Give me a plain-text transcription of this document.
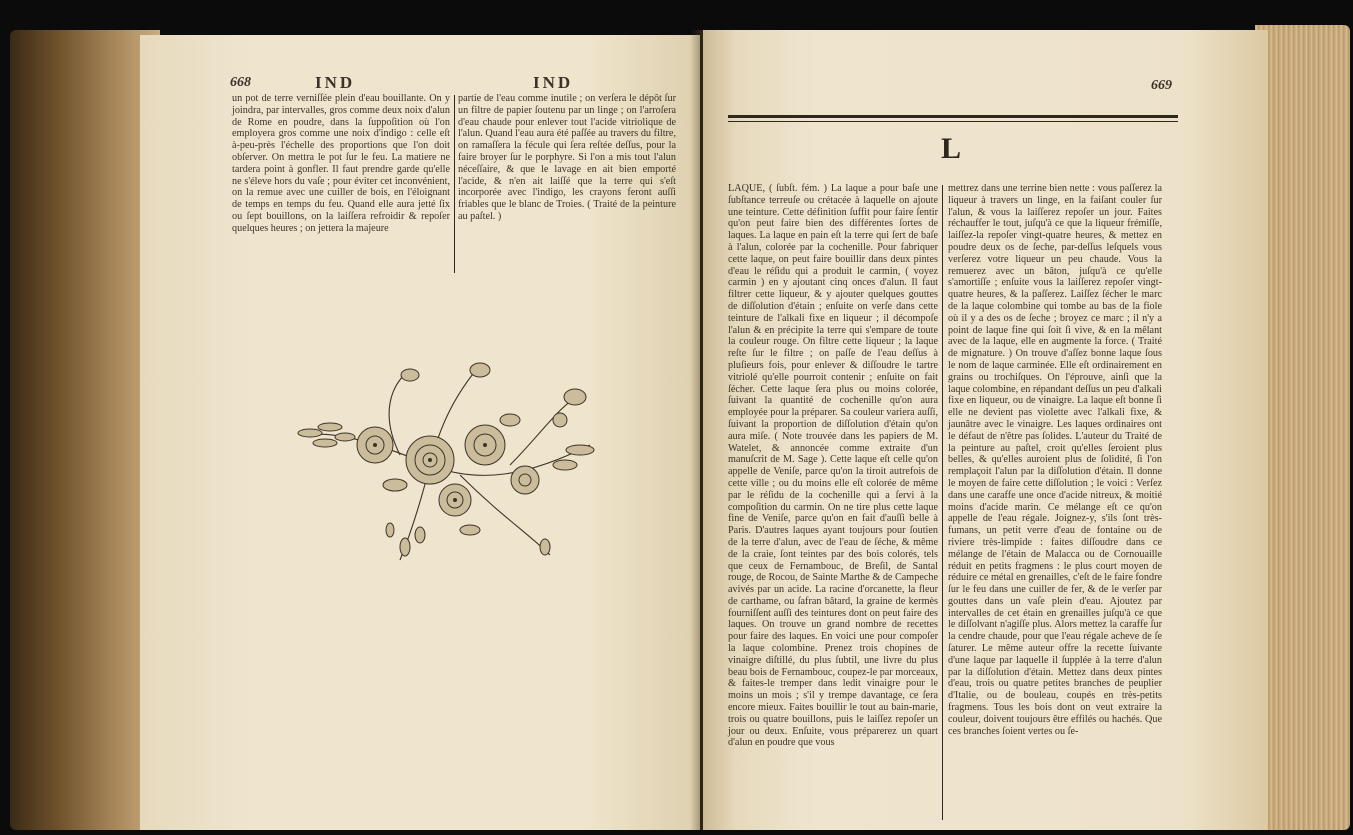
668	IND	IND
un pot de terre verniſſée plein d'eau bouillante. On y joindra, par intervalles, gros comme deux noix d'alun de Rome en poudre, dans la ſuppoſition où l'on employera gros comme une noix d'indigo : celle eſt à-peu-près l'échelle des proportions que l'on doit obſerver. On mettra le pot ſur le feu. La matiere ne tardera point à gonfler. Il faut prendre garde qu'elle ne s'éleve hors du vaſe ; pour éviter cet inconvénient, on la remue avec une cuiller de bois, en l'éloignant de temps en temps du feu. Quand elle aura jetté ſix ou ſept bouillons, on la laiſſera refroidir & repoſer quelques heures ; on jettera la majeure
partie de l'eau comme inutile ; on verſera le dépôt ſur un filtre de papier ſoutenu par un linge ; on l'arroſera d'eau chaude pour enlever tout l'acide vitriolique de l'alun. Quand l'eau aura été paſſée au travers du filtre, on ramaſſera la fécule qui ſera reſtée deſſus, pour la faire broyer ſur le porphyre. Si l'on a mis tout l'alun néceſſaire, & que le lavage en ait bien emporté l'acide, & n'en ait laiſſé que la terre qui s'eſt incorporée avec l'indigo, les crayons feront auſſi friables que le blanc de Troies. ( Traité de la peinture au paſtel. )
669
L
LAQUE, ( ſubſt. fém. ) La laque a pour baſe une ſubſtance terreuſe ou crétacée à laquelle on ajoute une teinture. Cette définition ſuffit pour faire ſentir qu'on peut faire bien des différentes ſortes de laques. La laque en pain eſt la terre qui ſert de baſe à l'alun, colorée par la cochenille. Pour fabriquer cette laque, on peut faire bouillir dans deux pintes d'eau le réſidu qui a produit le carmin, ( voyez carmin ) en y ajoutant cinq onces d'alun. Il faut filtrer cette liqueur, & y ajouter quelques gouttes de diſſolution d'étain ; enſuite on verſe dans cette teinture de l'alkali fixe en liqueur ; il décompoſe l'alun & en précipite la terre qui s'empare de toute la couleur rouge. On filtre cette liqueur ; la laque reſte ſur le filtre ; on paſſe de l'eau deſſus à pluſieurs fois, pour enlever & diſſoudre le tartre vitriolé qu'elle pourroit contenir ; enſuite on fait ſécher. Cette laque ſera plus ou moins colorée, ſuivant la quantité de cochenille qu'on aura employée pour la préparer. Sa couleur variera auſſi, ſuivant la proportion de diſſolution d'étain qu'on aura miſe. ( Note trouvée dans les papiers de M. Watelet, & annoncée comme extraite d'un manuſcrit de M. Sage ). Cette laque eſt celle qu'on appelle de Veniſe, parce qu'on la tiroit autrefois de cette ville ; ou du moins elle eſt colorée de même par le réſidu de la cochenille qui a ſervi à la compoſition du carmin. On ne tire plus cette laque fine de Veniſe, parce qu'on en fait d'auſſi belle à Paris. D'autres laques ayant toujours pour ſoutien de la terre d'alun, avec de l'eau de ſéche, & même de la craie, ſont teintes par des bois colorés, tels que ceux de Fernambouc, de Breſil, de Santal rouge, de Rocou, de Sainte Marthe & de Campeche avivés par un acide. La racine d'orcanette, la fleur de carthame, ou ſafran bâtard, la graine de kermès fourniſſent auſſi des teintures dont on peut faire des laques. On trouve un grand nombre de recettes pour faire des laques. En voici une pour compoſer la laque colombine. Prenez trois chopines de vinaigre diſtillé, du plus ſubtil, une livre du plus beau bois de Fernambouc, coupez-le par morceaux, & faites-le tremper dans ledit vinaigre pour le moins un mois ; s'il y trempe davantage, ce ſera encore mieux. Faites bouillir le tout au bain-marie, trois ou quatre bouillons, puis le laiſſez repoſer un jour ou deux. Enſuite, vous préparerez un quart d'alun en poudre que vous
mettrez dans une terrine bien nette : vous paſſerez la liqueur à travers un linge, en la faiſant couler ſur l'alun, & vous la laiſſerez repoſer un jour. Faites réchauffer le tout, juſqu'à ce que la liqueur frémiſſe, laiſſez-la repoſer vingt-quatre heures, & mettez en poudre deux os de ſeche, par-deſſus leſquels vous verſerez votre liqueur un peu chaude. Vous la remuerez avec un bâton, juſqu'à ce qu'elle s'amortiſſe ; enſuite vous la laiſſerez repoſer vingt-quatre heures, & la paſſerez. Laiſſez ſécher le marc de la laque colombine qui tombe au bas de la fiole où il y a des os de ſeche ; broyez ce marc ; il n'y a point de laque fine qui ſoit ſi vive, & en la mêlant avec de la laque, elle en augmente la force. ( Traité de mignature. ) On trouve d'aſſez bonne laque ſous le nom de laque carminée. Elle eſt ordinairement en grains ou trochiſques. On l'éprouve, ainſi que la laque colombine, en répandant deſſus un peu d'alkali fixe en liqueur, ou de vinaigre. La laque eſt bonne ſi elle ne devient pas violette avec l'alkali fixe, & jaunâtre avec le vinaigre. Les laques ordinaires ont le défaut de n'être pas ſolides. L'auteur du Traité de la peinture au paſtel, croit qu'elles ſeroient plus belles, & qu'elles auroient plus de ſolidité, ſi l'on remplaçoit l'alun par la diſſolution d'étain. Il donne le moyen de faire cette diſſolution ; le voici : Verſez dans une caraffe une once d'acide nitreux, & moitié moins d'acide marin. Ce mélange eſt ce qu'on appelle de l'eau régale. Joignez-y, s'ils ſont très-fumans, un petit verre d'eau de fontaine ou de riviere très-limpide : faites diſſoudre dans ce mélange de l'étain de Malacca ou de Cornouaille réduit en petits fragmens : le plus court moyen de réduire ce métal en grenailles, c'eſt de le faire fondre ſur le feu dans une cuiller de fer, & de le verſer par gouttes dans un vaſe plein d'eau. Ajoutez par intervalles de cet étain en grenailles juſqu'à ce que le diſſolvant n'agiſſe plus. Alors mettez la caraffe ſur la cendre chaude, pour que l'eau régale acheve de ſe ſaturer. Le même auteur offre la recette ſuivante d'une laque par laquelle il ſupplée à la terre d'alun par la diſſolution d'étain. Mettez dans deux pintes d'eau, trois ou quatre petites branches de peuplier d'Italie, ou de bouleau, coupés en très-petits fragmens. Tous les bois dont on veut extraire la couleur, doivent toujours être effilés ou hachés. Que ces branches ſoient vertes ou ſe-
